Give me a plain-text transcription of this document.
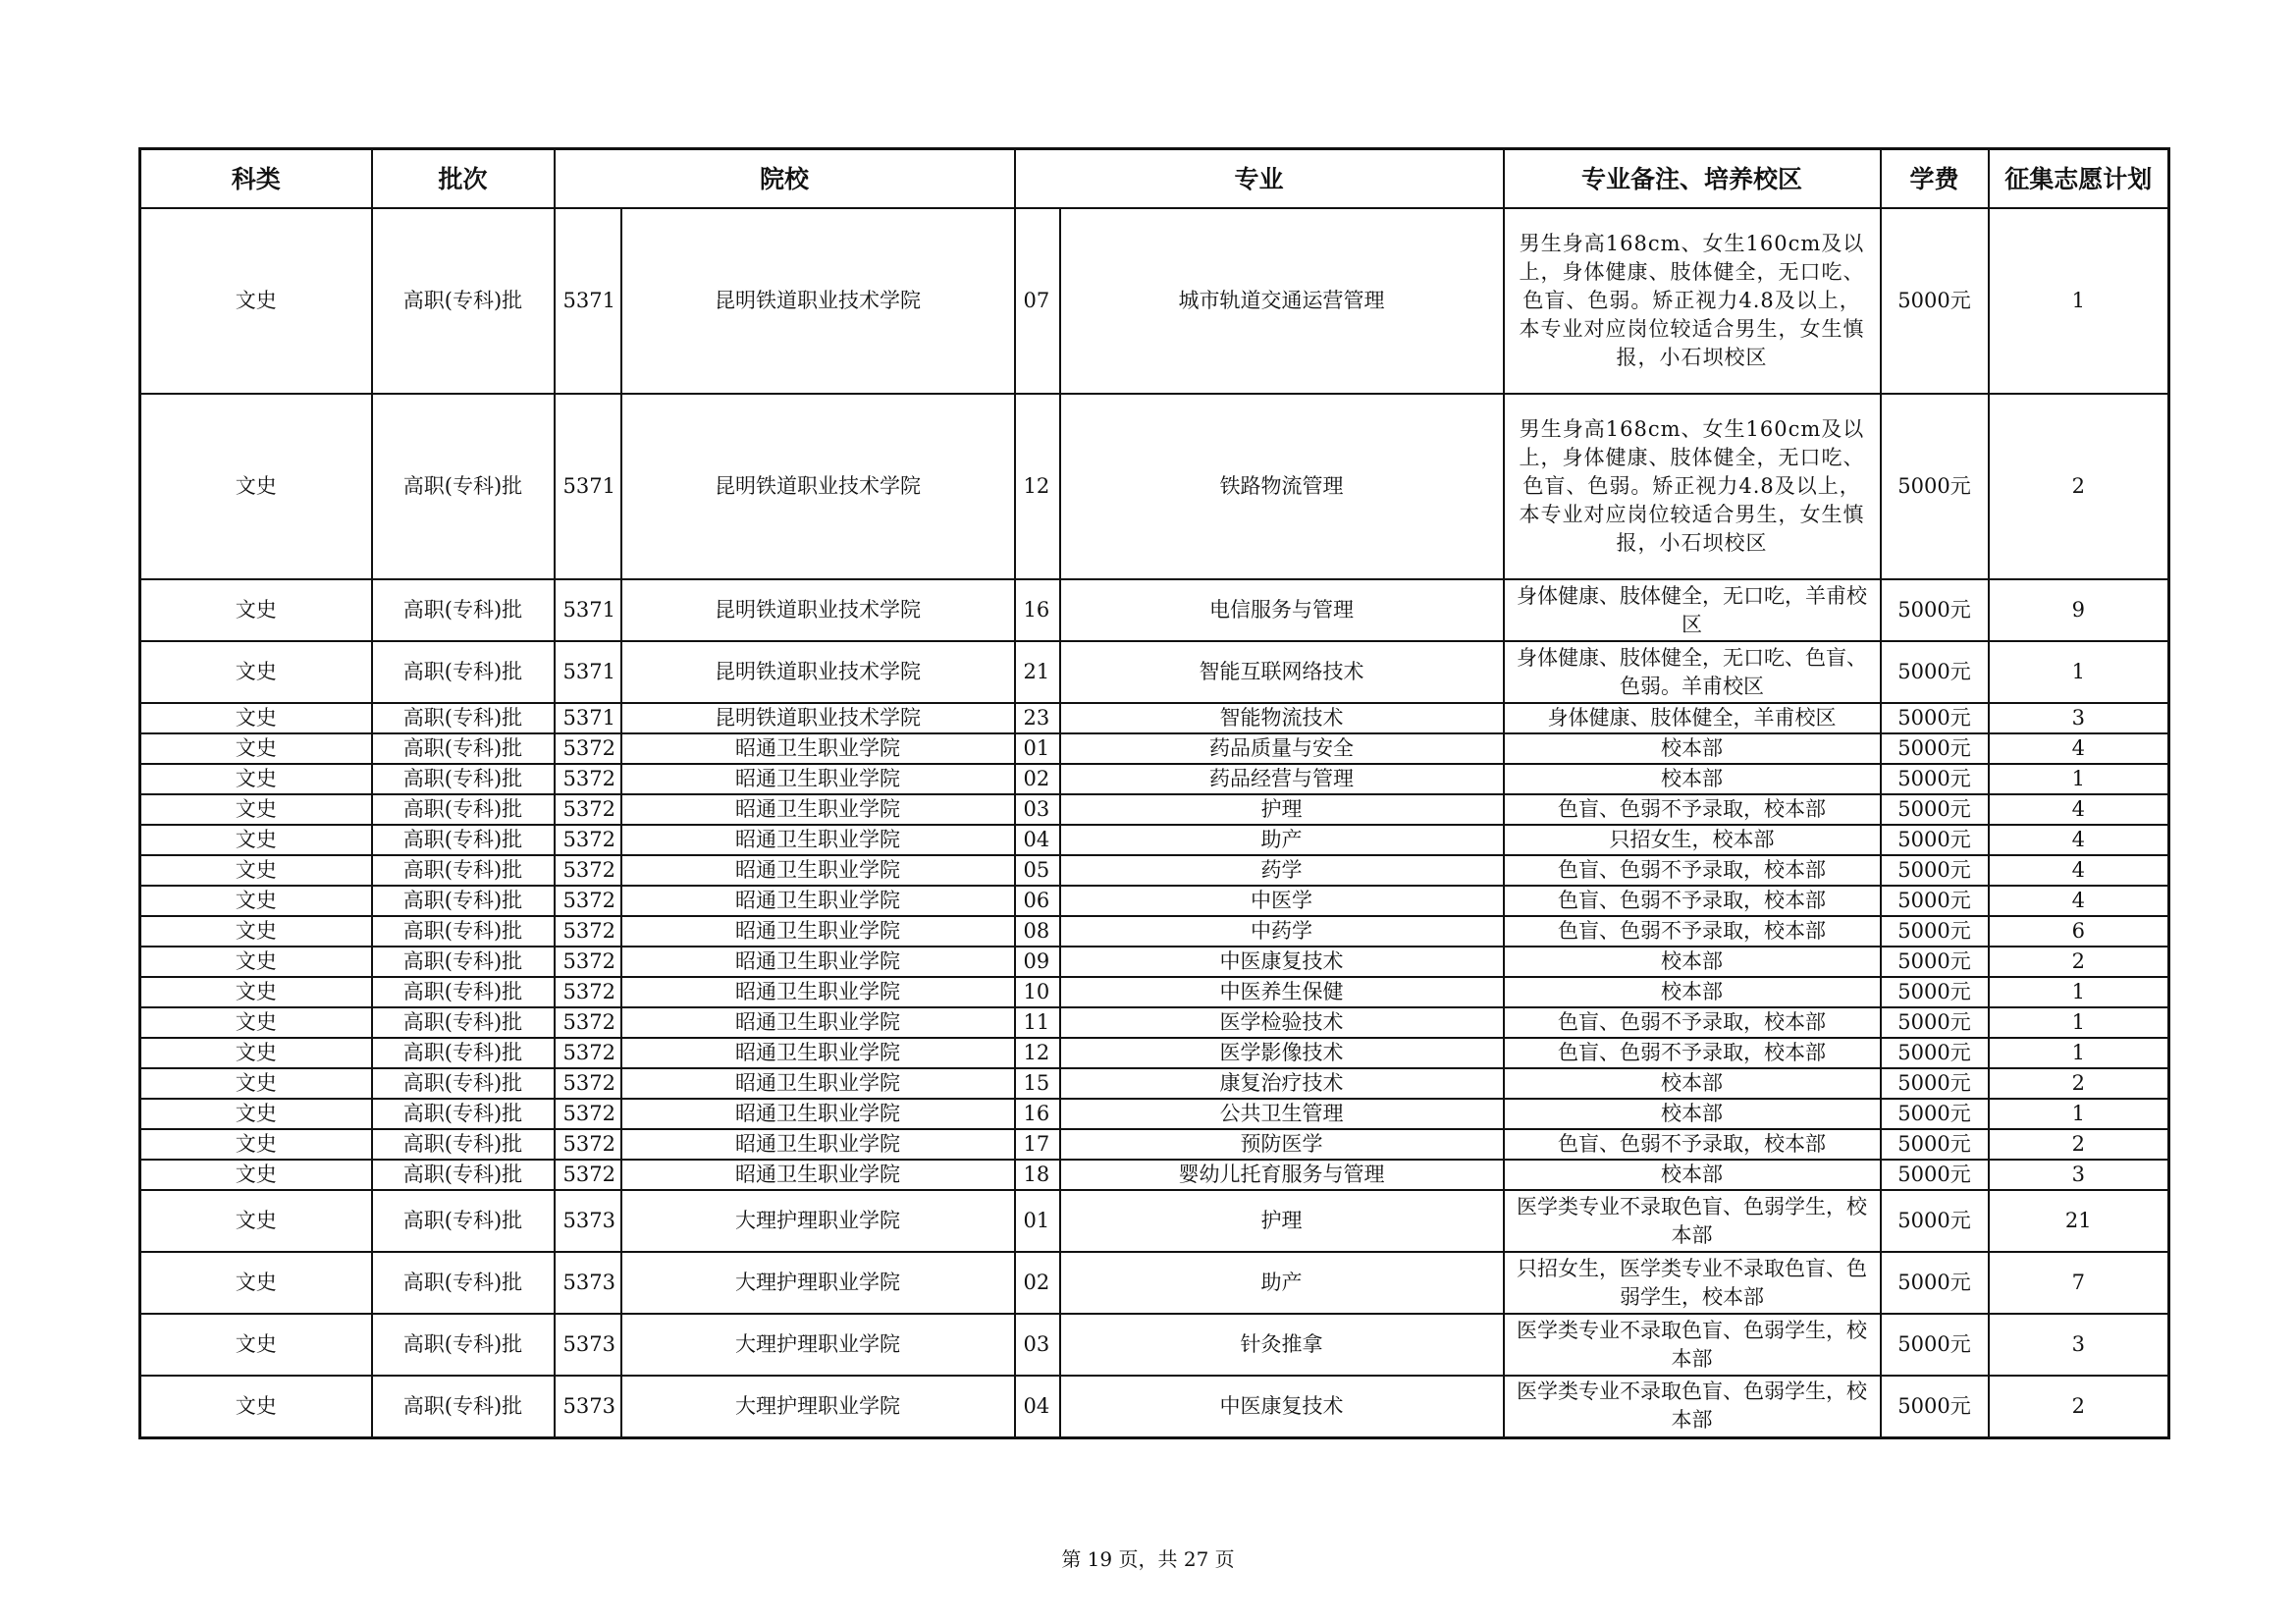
科类	批次	院校		专业		专业备注、培养校区	学费	征集志愿计划
文史	高职(专科)批	5371	昆明铁道职业技术学院	07	城市轨道交通运营管理	男生身高168cm、女生160cm及以上，身体健康、肢体健全，无口吃、色盲、色弱。矫正视力4.8及以上，本专业对应岗位较适合男生，女生慎报，小石坝校区	5000元	1
文史	高职(专科)批	5371	昆明铁道职业技术学院	12	铁路物流管理	男生身高168cm、女生160cm及以上，身体健康、肢体健全，无口吃、色盲、色弱。矫正视力4.8及以上，本专业对应岗位较适合男生，女生慎报，小石坝校区	5000元	2
文史	高职(专科)批	5371	昆明铁道职业技术学院	16	电信服务与管理	身体健康、肢体健全，无口吃，羊甫校区	5000元	9
文史	高职(专科)批	5371	昆明铁道职业技术学院	21	智能互联网络技术	身体健康、肢体健全，无口吃、色盲、色弱。羊甫校区	5000元	1
文史	高职(专科)批	5371	昆明铁道职业技术学院	23	智能物流技术	身体健康、肢体健全，羊甫校区	5000元	3
文史	高职(专科)批	5372	昭通卫生职业学院	01	药品质量与安全	校本部	5000元	4
文史	高职(专科)批	5372	昭通卫生职业学院	02	药品经营与管理	校本部	5000元	1
文史	高职(专科)批	5372	昭通卫生职业学院	03	护理	色盲、色弱不予录取，校本部	5000元	4
文史	高职(专科)批	5372	昭通卫生职业学院	04	助产	只招女生，校本部	5000元	4
文史	高职(专科)批	5372	昭通卫生职业学院	05	药学	色盲、色弱不予录取，校本部	5000元	4
文史	高职(专科)批	5372	昭通卫生职业学院	06	中医学	色盲、色弱不予录取，校本部	5000元	4
文史	高职(专科)批	5372	昭通卫生职业学院	08	中药学	色盲、色弱不予录取，校本部	5000元	6
文史	高职(专科)批	5372	昭通卫生职业学院	09	中医康复技术	校本部	5000元	2
文史	高职(专科)批	5372	昭通卫生职业学院	10	中医养生保健	校本部	5000元	1
文史	高职(专科)批	5372	昭通卫生职业学院	11	医学检验技术	色盲、色弱不予录取，校本部	5000元	1
文史	高职(专科)批	5372	昭通卫生职业学院	12	医学影像技术	色盲、色弱不予录取，校本部	5000元	1
文史	高职(专科)批	5372	昭通卫生职业学院	15	康复治疗技术	校本部	5000元	2
文史	高职(专科)批	5372	昭通卫生职业学院	16	公共卫生管理	校本部	5000元	1
文史	高职(专科)批	5372	昭通卫生职业学院	17	预防医学	色盲、色弱不予录取，校本部	5000元	2
文史	高职(专科)批	5372	昭通卫生职业学院	18	婴幼儿托育服务与管理	校本部	5000元	3
文史	高职(专科)批	5373	大理护理职业学院	01	护理	医学类专业不录取色盲、色弱学生，校本部	5000元	21
文史	高职(专科)批	5373	大理护理职业学院	02	助产	只招女生，医学类专业不录取色盲、色弱学生，校本部	5000元	7
文史	高职(专科)批	5373	大理护理职业学院	03	针灸推拿	医学类专业不录取色盲、色弱学生，校本部	5000元	3
文史	高职(专科)批	5373	大理护理职业学院	04	中医康复技术	医学类专业不录取色盲、色弱学生，校本部	5000元	2
第 19 页，共 27 页
